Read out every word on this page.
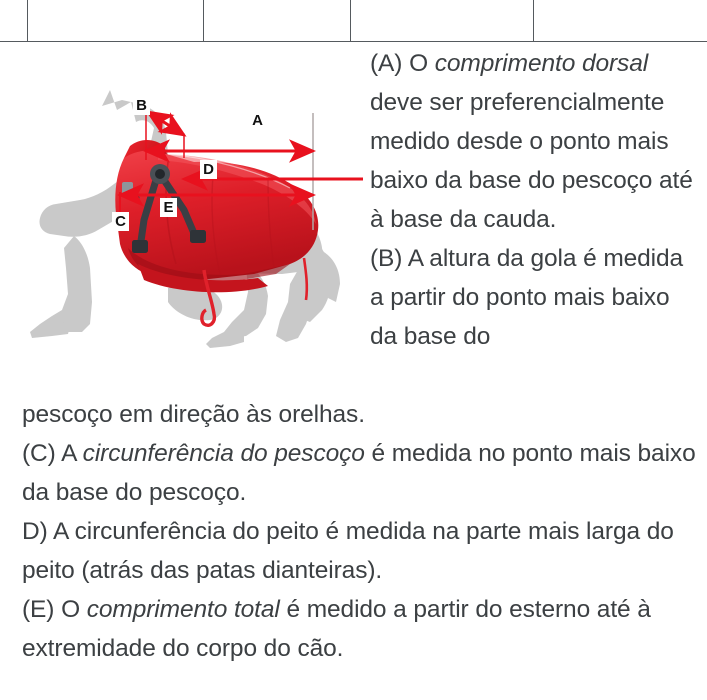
A
B
C
D
E

(A) O comprimento dorsal deve ser preferencialmente medido desde o ponto mais baixo da base do pescoço até à base da cauda.

(B) A altura da gola é medida a partir do ponto mais baixo da base do

pescoço em direção às orelhas.

(C) A circunferência do pescoço é medida no ponto mais baixo da base do pescoço.

D) A circunferência do peito é medida na parte mais larga do peito (atrás das patas dianteiras).

(E) O comprimento total é medido a partir do esterno até à extremidade do corpo do cão.
